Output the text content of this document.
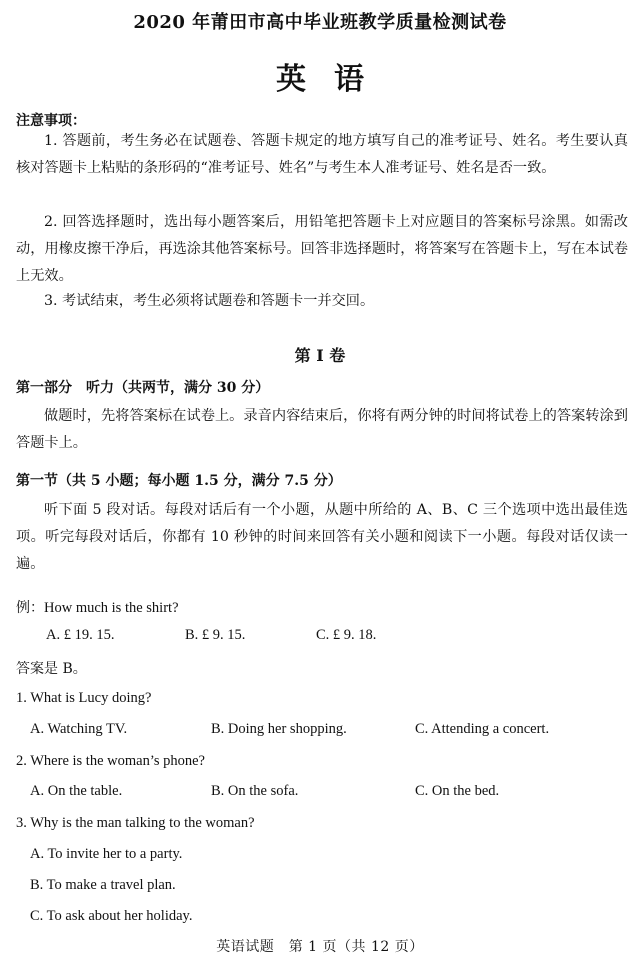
2020 年莆田市高中毕业班教学质量检测试卷
英语
注意事项：
1. 答题前，考生务必在试题卷、答题卡规定的地方填写自己的准考证号、姓名。考生要认真核对答题卡上粘贴的条形码的“准考证号、姓名”与考生本人准考证号、姓名是否一致。
2. 回答选择题时，选出每小题答案后，用铅笔把答题卡上对应题目的答案标号涂黑。如需改动，用橡皮擦干净后，再选涂其他答案标号。回答非选择题时，将答案写在答题卡上，写在本试卷上无效。
3. 考试结束，考生必须将试题卷和答题卡一并交回。
第 I 卷
第一部分　听力（共两节，满分 30 分）
做题时，先将答案标在试卷上。录音内容结束后，你将有两分钟的时间将试卷上的答案转涂到答题卡上。
第一节（共 5 小题；每小题 1.5 分，满分 7.5 分）
听下面 5 段对话。每段对话后有一个小题，从题中所给的 A、B、C 三个选项中选出最佳选项。听完每段对话后，你都有 10 秒钟的时间来回答有关小题和阅读下一小题。每段对话仅读一遍。
例：How much is the shirt?
A. £ 19. 15.	B. £ 9. 15.	C. £ 9. 18.
答案是 B。
1. What is Lucy doing?
A. Watching TV.	B. Doing her shopping.	C. Attending a concert.
2. Where is the woman’s phone?
A. On the table.	B. On the sofa.	C. On the bed.
3. Why is the man talking to the woman?
A. To invite her to a party.
B. To make a travel plan.
C. To ask about her holiday.
英语试题　第 1 页（共 12 页）
